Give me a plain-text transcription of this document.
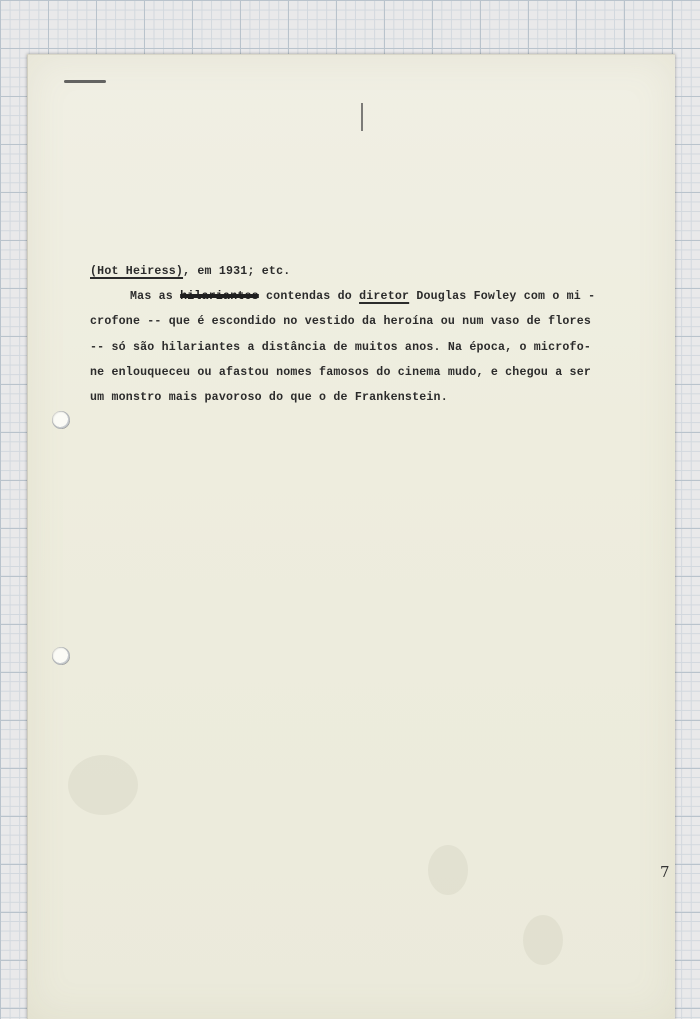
(Hot Heiress), em 1931; etc.
Mas as hilariantes contendas do diretor Douglas Fowley com o mi -
crofone -- que é escondido no vestido da heroína ou num vaso de flores
-- só são hilariantes a distância de muitos anos. Na época, o microfo-
ne enlouqueceu ou afastou nomes famosos do cinema mudo, e chegou a ser
um monstro mais pavoroso do que o de Frankenstein.
7
